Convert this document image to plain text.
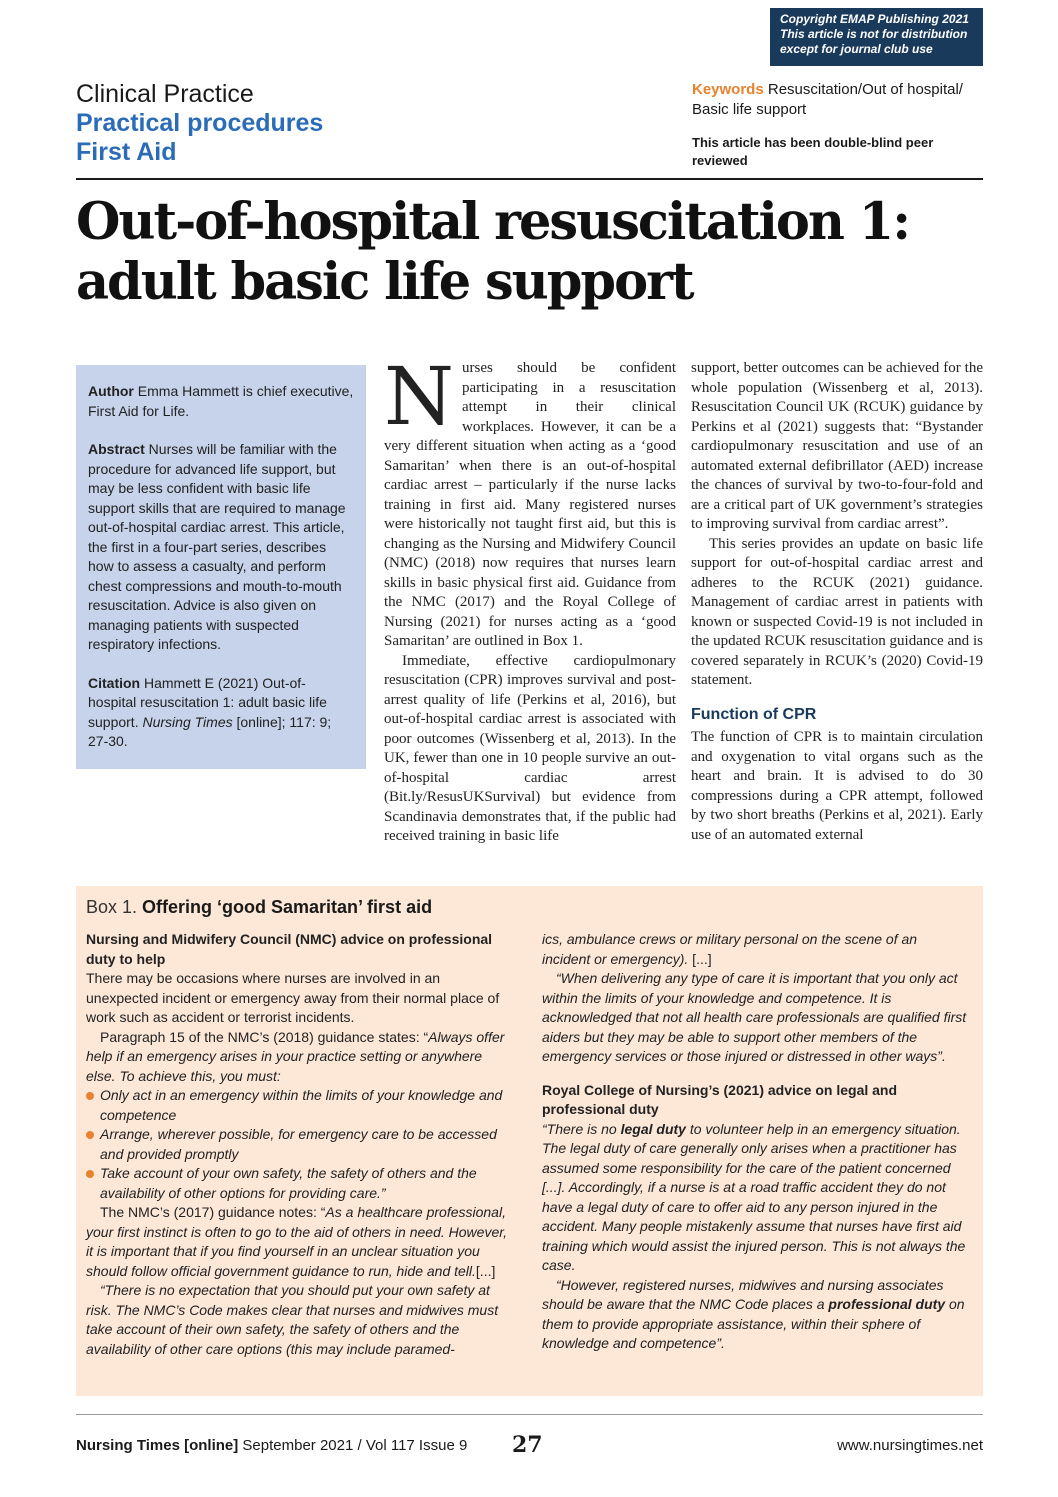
Copyright EMAP Publishing 2021
This article is not for distribution
except for journal club use
Clinical Practice
Practical procedures
First Aid
Keywords Resuscitation/Out of hospital/ Basic life support
This article has been double-blind peer reviewed
Out-of-hospital resuscitation 1:
adult basic life support

Author Emma Hammett is chief executive, First Aid for Life.

Abstract Nurses will be familiar with the procedure for advanced life support, but may be less confident with basic life support skills that are required to manage out-of-hospital cardiac arrest. This article, the first in a four-part series, describes how to assess a casualty, and perform chest compressions and mouth-to-mouth resuscitation. Advice is also given on managing patients with suspected respiratory infections.

Citation Hammett E (2021) Out-of-hospital resuscitation 1: adult basic life support. Nursing Times [online]; 117: 9; 27-30.

Nurses should be confident participating in a resuscitation attempt in their clinical workplaces. However, it can be a very different situation when acting as a ‘good Samaritan’ when there is an out-of-hospital cardiac arrest – particularly if the nurse lacks training in first aid. Many registered nurses were historically not taught first aid, but this is changing as the Nursing and Midwifery Council (NMC) (2018) now requires that nurses learn skills in basic physical first aid. Guidance from the NMC (2017) and the Royal College of Nursing (2021) for nurses acting as a ‘good Samaritan’ are outlined in Box 1.

Immediate, effective cardiopulmonary resuscitation (CPR) improves survival and post-arrest quality of life (Perkins et al, 2016), but out-of-hospital cardiac arrest is associated with poor outcomes (Wissenberg et al, 2013). In the UK, fewer than one in 10 people survive an out-of-hospital cardiac arrest (Bit.ly/ResusUKSurvival) but evidence from Scandinavia demonstrates that, if the public had received training in basic life

support, better outcomes can be achieved for the whole population (Wissenberg et al, 2013). Resuscitation Council UK (RCUK) guidance by Perkins et al (2021) suggests that: “Bystander cardiopulmonary resuscitation and use of an automated external defibrillator (AED) increase the chances of survival by two-to-four-fold and are a critical part of UK government’s strategies to improving survival from cardiac arrest”.

This series provides an update on basic life support for out-of-hospital cardiac arrest and adheres to the RCUK (2021) guidance. Management of cardiac arrest in patients with known or suspected Covid-19 is not included in the updated RCUK resuscitation guidance and is covered separately in RCUK’s (2020) Covid-19 statement.

Function of CPR

The function of CPR is to maintain circulation and oxygenation to vital organs such as the heart and brain. It is advised to do 30 compressions during a CPR attempt, followed by two short breaths (Perkins et al, 2021). Early use of an automated external

Box 1. Offering ‘good Samaritan’ first aid
Nursing and Midwifery Council (NMC) advice on professional duty to help

There may be occasions where nurses are involved in an unexpected incident or emergency away from their normal place of work such as accident or terrorist incidents.

Paragraph 15 of the NMC’s (2018) guidance states: “Always offer help if an emergency arises in your practice setting or anywhere else. To achieve this, you must:

Only act in an emergency within the limits of your knowledge and competence
Arrange, wherever possible, for emergency care to be accessed and provided promptly
Take account of your own safety, the safety of others and the availability of other options for providing care.”

The NMC’s (2017) guidance notes: “As a healthcare professional, your first instinct is often to go to the aid of others in need. However, it is important that if you find yourself in an unclear situation you should follow official government guidance to run, hide and tell.[...]

“There is no expectation that you should put your own safety at risk. The NMC’s Code makes clear that nurses and midwives must take account of their own safety, the safety of others and the availability of other care options (this may include paramed-

ics, ambulance crews or military personal on the scene of an incident or emergency). [...]

“When delivering any type of care it is important that you only act within the limits of your knowledge and competence. It is acknowledged that not all health care professionals are qualified first aiders but they may be able to support other members of the emergency services or those injured or distressed in other ways”.

Royal College of Nursing’s (2021) advice on legal and professional duty

“There is no legal duty to volunteer help in an emergency situation. The legal duty of care generally only arises when a practitioner has assumed some responsibility for the care of the patient concerned [...]. Accordingly, if a nurse is at a road traffic accident they do not have a legal duty of care to offer aid to any person injured in the accident. Many people mistakenly assume that nurses have first aid training which would assist the injured person. This is not always the case.

“However, registered nurses, midwives and nursing associates should be aware that the NMC Code places a professional duty on them to provide appropriate assistance, within their sphere of knowledge and competence”.

Nursing Times [online] September 2021 / Vol 117 Issue 9 27	www.nursingtimes.net
